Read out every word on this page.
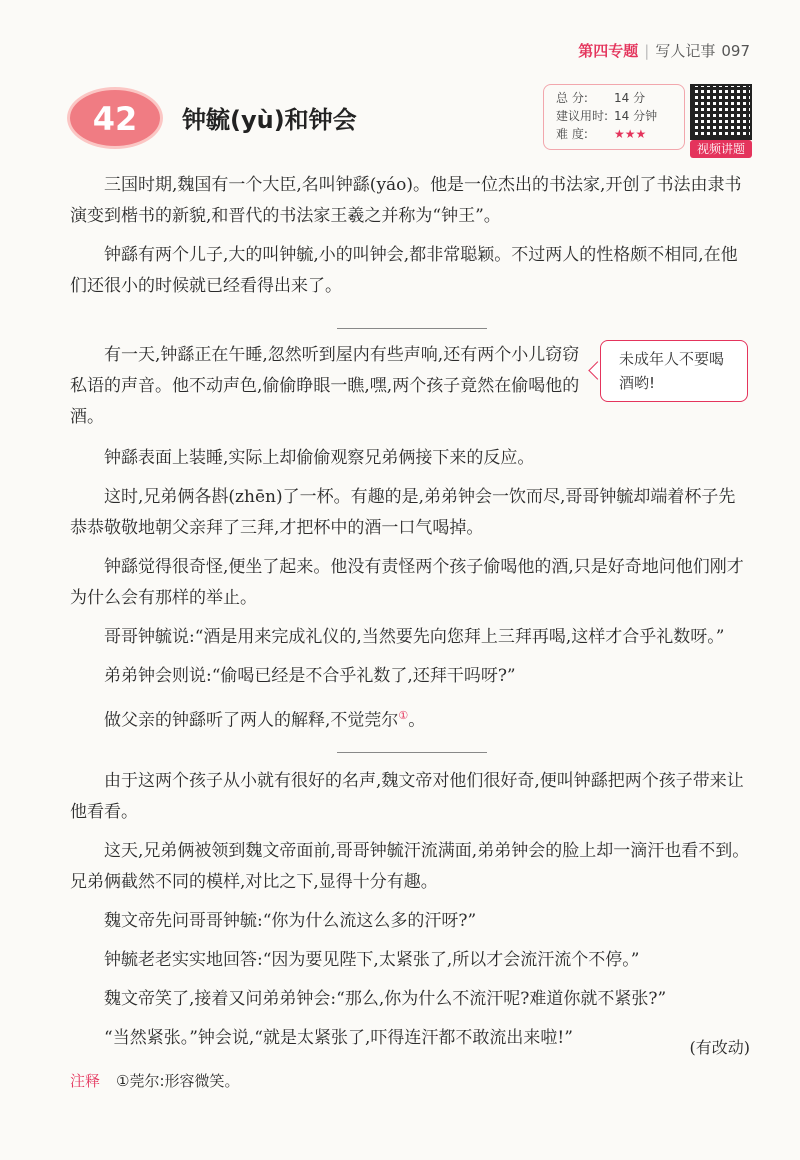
第四专题 | 写人记事 097
42	钟毓(yù)和钟会
总 分: 14 分
建议用时: 14 分钟
难 度: ★★★
视频讲题

三国时期,魏国有一个大臣,名叫钟繇(yáo)。他是一位杰出的书法家,开创了书法由隶书演变到楷书的新貌,和晋代的书法家王羲之并称为“钟王”。

钟繇有两个儿子,大的叫钟毓,小的叫钟会,都非常聪颖。不过两人的性格颇不相同,在他们还很小的时候就已经看得出来了。

有一天,钟繇正在午睡,忽然听到屋内有些声响,还有两个小儿窃窃私语的声音。他不动声色,偷偷睁眼一瞧,嘿,两个孩子竟然在偷喝他的酒。

未成年人不要喝酒哟!

钟繇表面上装睡,实际上却偷偷观察兄弟俩接下来的反应。

这时,兄弟俩各斟(zhēn)了一杯。有趣的是,弟弟钟会一饮而尽,哥哥钟毓却端着杯子先恭恭敬敬地朝父亲拜了三拜,才把杯中的酒一口气喝掉。

钟繇觉得很奇怪,便坐了起来。他没有责怪两个孩子偷喝他的酒,只是好奇地问他们刚才为什么会有那样的举止。

哥哥钟毓说:“酒是用来完成礼仪的,当然要先向您拜上三拜再喝,这样才合乎礼数呀。”

弟弟钟会则说:“偷喝已经是不合乎礼数了,还拜干吗呀?”

做父亲的钟繇听了两人的解释,不觉莞尔①。

由于这两个孩子从小就有很好的名声,魏文帝对他们很好奇,便叫钟繇把两个孩子带来让他看看。

这天,兄弟俩被领到魏文帝面前,哥哥钟毓汗流满面,弟弟钟会的脸上却一滴汗也看不到。兄弟俩截然不同的模样,对比之下,显得十分有趣。

魏文帝先问哥哥钟毓:“你为什么流这么多的汗呀?”

钟毓老老实实地回答:“因为要见陛下,太紧张了,所以才会流汗流个不停。”

魏文帝笑了,接着又问弟弟钟会:“那么,你为什么不流汗呢?难道你就不紧张?”

“当然紧张。”钟会说,“就是太紧张了,吓得连汗都不敢流出来啦!”	(有改动)
注释 ①莞尔:形容微笑。
